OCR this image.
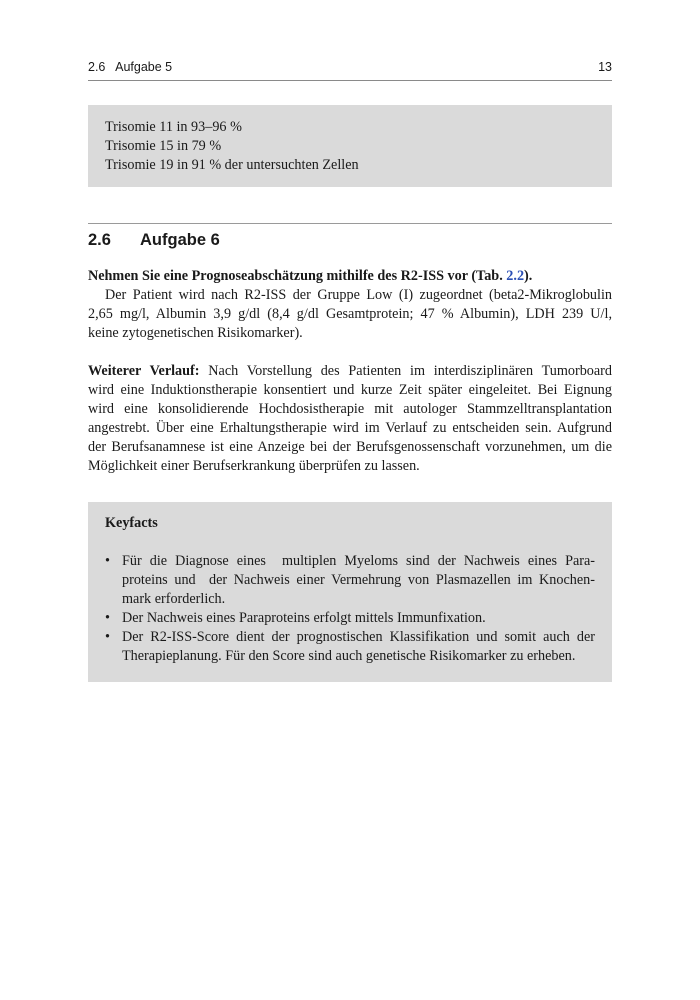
2.6   Aufgabe 5	13
Trisomie 11 in 93–96 %
Trisomie 15 in 79 %
Trisomie 19 in 91 % der untersuchten Zellen
2.6 Aufgabe 6
Nehmen Sie eine Prognoseabschätzung mithilfe des R2-ISS vor (Tab. 2.2).
Der Patient wird nach R2-ISS der Gruppe Low (I) zugeordnet (beta2-Mikroglobulin
2,65 mg/l, Albumin 3,9 g/dl (8,4 g/dl Gesamtprotein; 47 % Albumin), LDH 239 U/l,
keine zytogenetischen Risikomarker).
Weiterer Verlauf: Nach Vorstellung des Patienten im interdisziplinären Tumorboard
wird eine Induktionstherapie konsentiert und kurze Zeit später eingeleitet. Bei Eignung
wird eine konsolidierende Hochdosistherapie mit autologer Stammzelltransplantation
angestrebt. Über eine Erhaltungstherapie wird im Verlauf zu entscheiden sein. Aufgrund
der Berufsanamnese ist eine Anzeige bei der Berufsgenossenschaft vorzunehmen, um die
Möglichkeit einer Berufserkrankung überprüfen zu lassen.
Keyfacts
• Für die Diagnose eines  multiplen Myeloms sind der Nachweis eines Para-
proteins und  der Nachweis einer Vermehrung von Plasmazellen im Knochen-
mark erforderlich.
• Der Nachweis eines Paraproteins erfolgt mittels Immunfixation.
• Der R2-ISS-Score dient der prognostischen Klassifikation und somit auch der
Therapieplanung. Für den Score sind auch genetische Risikomarker zu erheben.
